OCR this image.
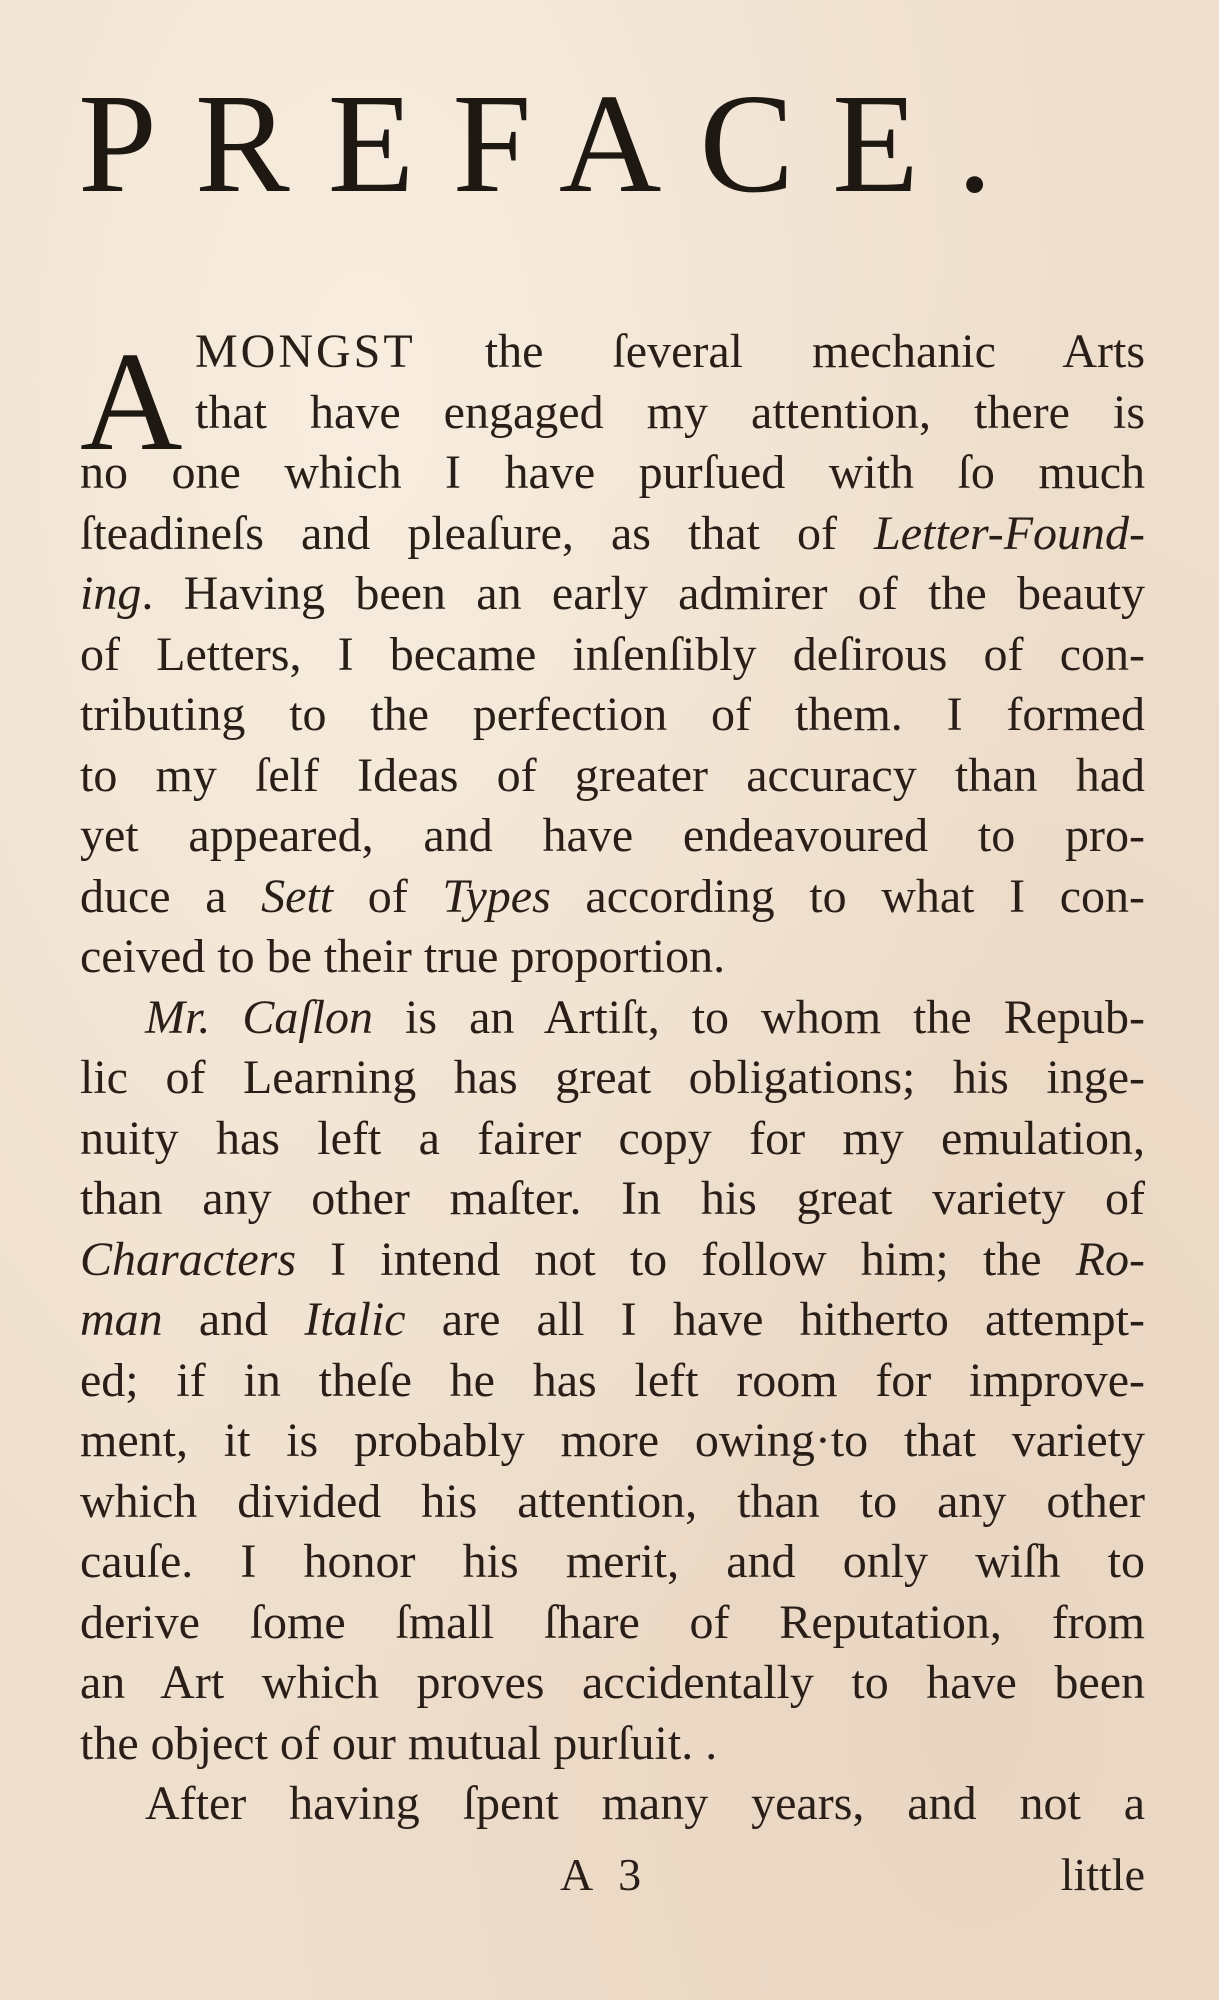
PREFACE.
A MONGST the ſeveral mechanic Arts
that have engaged my attention, there is
no one which I have purſued with ſo much
ſteadineſs and pleaſure, as that of Letter-Found-
ing. Having been an early admirer of the beauty
of Letters, I became inſenſibly deſirous of con-
tributing to the perfection of them. I formed
to my ſelf Ideas of greater accuracy than had
yet appeared, and have endeavoured to pro-
duce a Sett of Types according to what I con-
ceived to be their true proportion.
Mr. Caſlon is an Artiſt, to whom the Repub-
lic of Learning has great obligations; his inge-
nuity has left a fairer copy for my emulation,
than any other maſter. In his great variety of
Characters I intend not to follow him; the Ro-
man and Italic are all I have hitherto attempt-
ed; if in theſe he has left room for improve-
ment, it is probably more owing·to that variety
which divided his attention, than to any other
cauſe. I honor his merit, and only wiſh to
derive ſome ſmall ſhare of Reputation, from
an Art which proves accidentally to have been
the object of our mutual purſuit. .
After having ſpent many years, and not a
A 3	little
